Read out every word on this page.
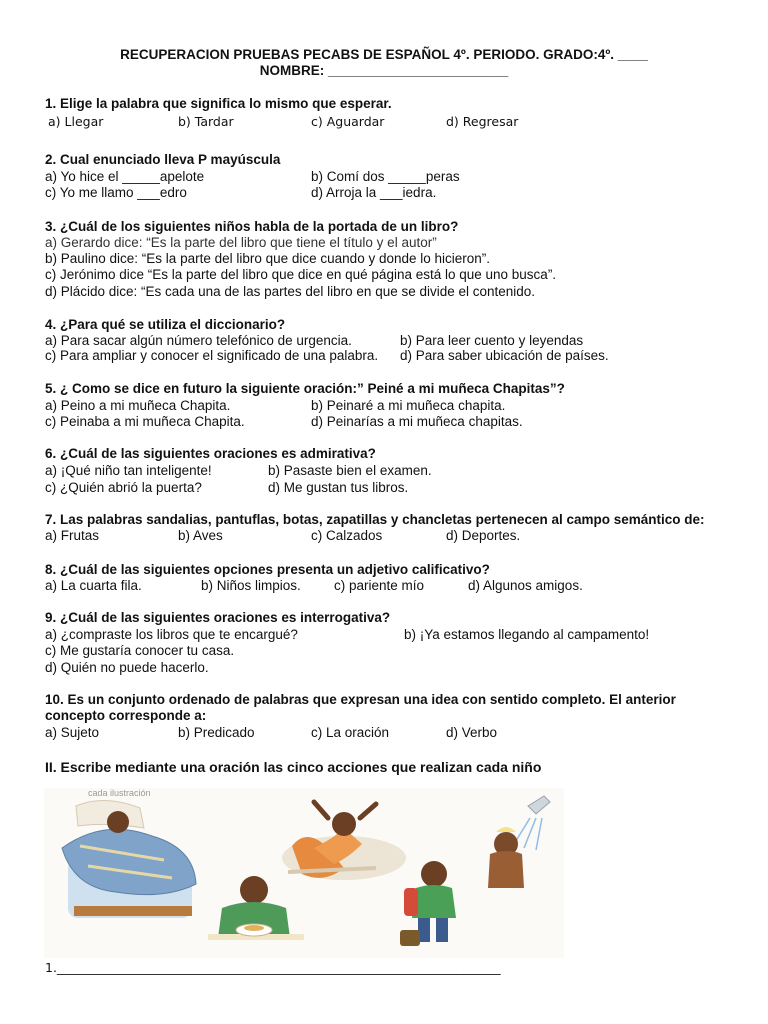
RECUPERACION PRUEBAS PECABS DE ESPAÑOL 4º. PERIODO. GRADO:4º. ____
NOMBRE: ________________________
1. Elige la palabra que significa lo mismo que esperar.
a) Llegar	b) Tardar	c) Aguardar	d) Regresar
2. Cual enunciado lleva P mayúscula
a) Yo hice el _____apelote	b) Comí dos _____peras
c) Yo me llamo ___edro	d) Arroja la ___iedra.
3. ¿Cuál de los siguientes niños habla de la portada de un libro?
a) Gerardo dice: “Es la parte del libro que tiene el título y el autor”
b) Paulino dice: “Es la parte del libro que dice cuando y donde lo hicieron”.
c) Jerónimo dice “Es la parte del libro que dice en qué página está lo que uno busca”.
d) Plácido dice: “Es cada una de las partes del libro en que se divide el contenido.
4. ¿Para qué se utiliza el diccionario?
a) Para sacar algún número telefónico de urgencia.	b) Para leer cuento y leyendas
c) Para ampliar y conocer el significado de una palabra. d) Para saber ubicación de países.
5. ¿ Como se dice en futuro la siguiente oración:” Peiné a mi muñeca Chapitas”?
a) Peino a mi muñeca Chapita.	b) Peinaré a mi muñeca chapita.
c) Peinaba a mi muñeca Chapita.	d) Peinarías a mi muñeca chapitas.
6. ¿Cuál de las siguientes oraciones es admirativa?
a) ¡Qué niño tan inteligente!	b) Pasaste bien el examen.
c) ¿Quién abrió la puerta?	d) Me gustan tus libros.
7. Las palabras sandalias, pantuflas, botas, zapatillas y chancletas pertenecen al campo semántico de:
a) Frutas	b) Aves	c) Calzados	d) Deportes.
8. ¿Cuál de las siguientes opciones presenta un adjetivo calificativo?
a) La cuarta fila.	b) Niños limpios. c) pariente mío	d) Algunos amigos.
9. ¿Cuál de las siguientes oraciones es interrogativa?
a) ¿compraste los libros que te encargué?	b) ¡Ya estamos llegando al campamento!
c) Me gustaría conocer tu casa.
d) Quién no puede hacerlo.
10. Es un conjunto ordenado de palabras que expresan una idea con sentido completo. El anterior
concepto corresponde a:
a) Sujeto	b) Predicado	c) La oración	d) Verbo
II. Escribe mediante una oración las cinco acciones que realizan cada niño
cada ilustración
1._______________________________________________________________________
